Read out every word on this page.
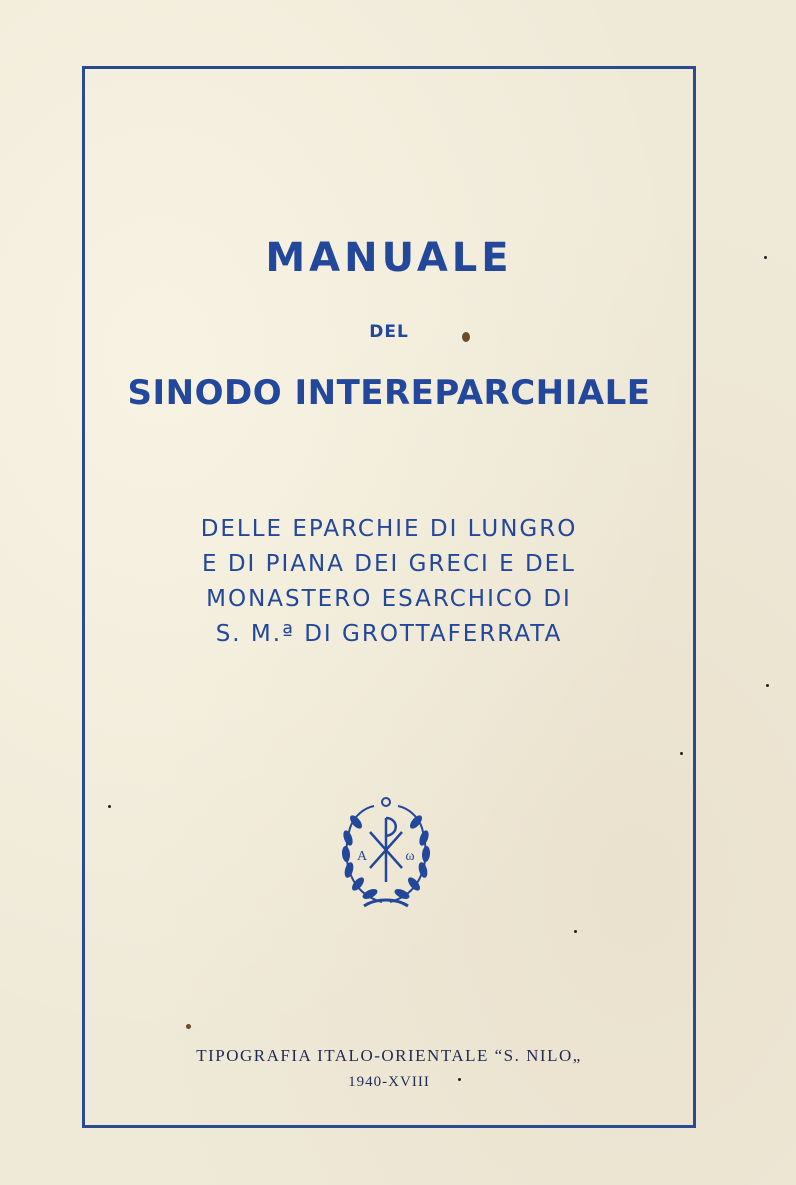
MANUALE
DEL
SINODO INTEREPARCHIALE
DELLE EPARCHIE DI LUNGRO
E DI PIANA DEI GRECI E DEL
MONASTERO ESARCHICO DI
S. M.ª DI GROTTAFERRATA
A	ω
TIPOGRAFIA ITALO-ORIENTALE “S. NILO„
1940-XVIII
